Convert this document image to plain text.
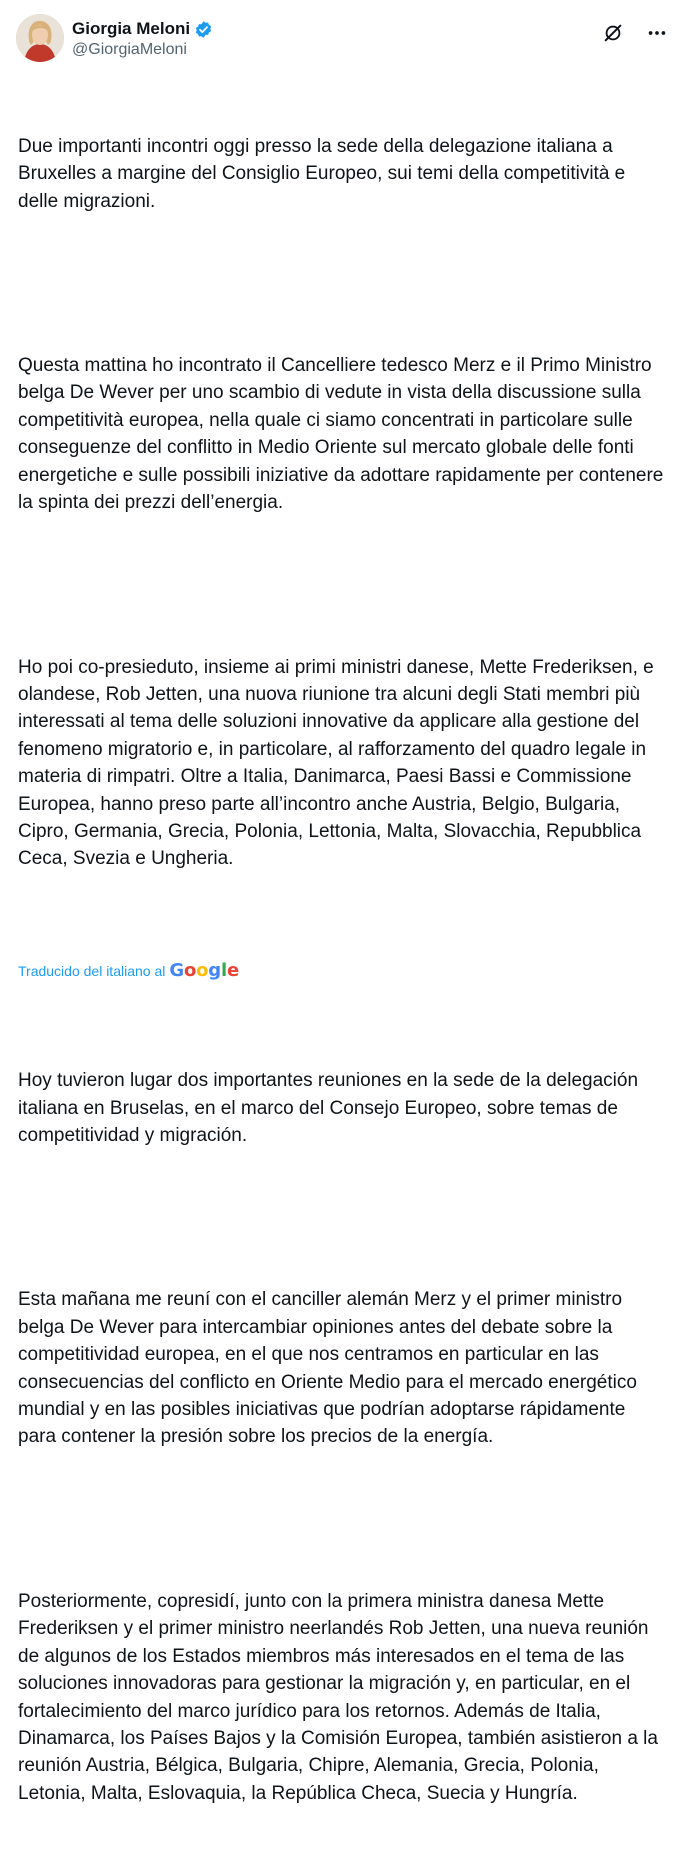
Giorgia Meloni
@GiorgiaMeloni

Due importanti incontri oggi presso la sede della delegazione italiana a Bruxelles a margine del Consiglio Europeo, sui temi della competitività e delle migrazioni.

Questa mattina ho incontrato il Cancelliere tedesco Merz e il Primo Ministro belga De Wever per uno scambio di vedute in vista della discussione sulla competitività europea, nella quale ci siamo concentrati in particolare sulle conseguenze del conflitto in Medio Oriente sul mercato globale delle fonti energetiche e sulle possibili iniziative da adottare rapidamente per contenere la spinta dei prezzi dell’energia.

Ho poi co-presieduto, insieme ai primi ministri danese, Mette Frederiksen, e olandese, Rob Jetten, una nuova riunione tra alcuni degli Stati membri più interessati al tema delle soluzioni innovative da applicare alla gestione del fenomeno migratorio e, in particolare, al rafforzamento del quadro legale in materia di rimpatri. Oltre a Italia, Danimarca, Paesi Bassi e Commissione Europea, hanno preso parte all’incontro anche Austria, Belgio, Bulgaria, Cipro, Germania, Grecia, Polonia, Lettonia, Malta, Slovacchia, Repubblica Ceca, Svezia e Ungheria.

Traducido del italiano al Google

Hoy tuvieron lugar dos importantes reuniones en la sede de la delegación italiana en Bruselas, en el marco del Consejo Europeo, sobre temas de competitividad y migración.

Esta mañana me reuní con el canciller alemán Merz y el primer ministro belga De Wever para intercambiar opiniones antes del debate sobre la competitividad europea, en el que nos centramos en particular en las consecuencias del conflicto en Oriente Medio para el mercado energético mundial y en las posibles iniciativas que podrían adoptarse rápidamente para contener la presión sobre los precios de la energía.

Posteriormente, copresidí, junto con la primera ministra danesa Mette Frederiksen y el primer ministro neerlandés Rob Jetten, una nueva reunión de algunos de los Estados miembros más interesados en el tema de las soluciones innovadoras para gestionar la migración y, en particular, en el fortalecimiento del marco jurídico para los retornos. Además de Italia, Dinamarca, los Países Bajos y la Comisión Europea, también asistieron a la reunión Austria, Bélgica, Bulgaria, Chipre, Alemania, Grecia, Polonia, Letonia, Malta, Eslovaquia, la República Checa, Suecia y Hungría.
